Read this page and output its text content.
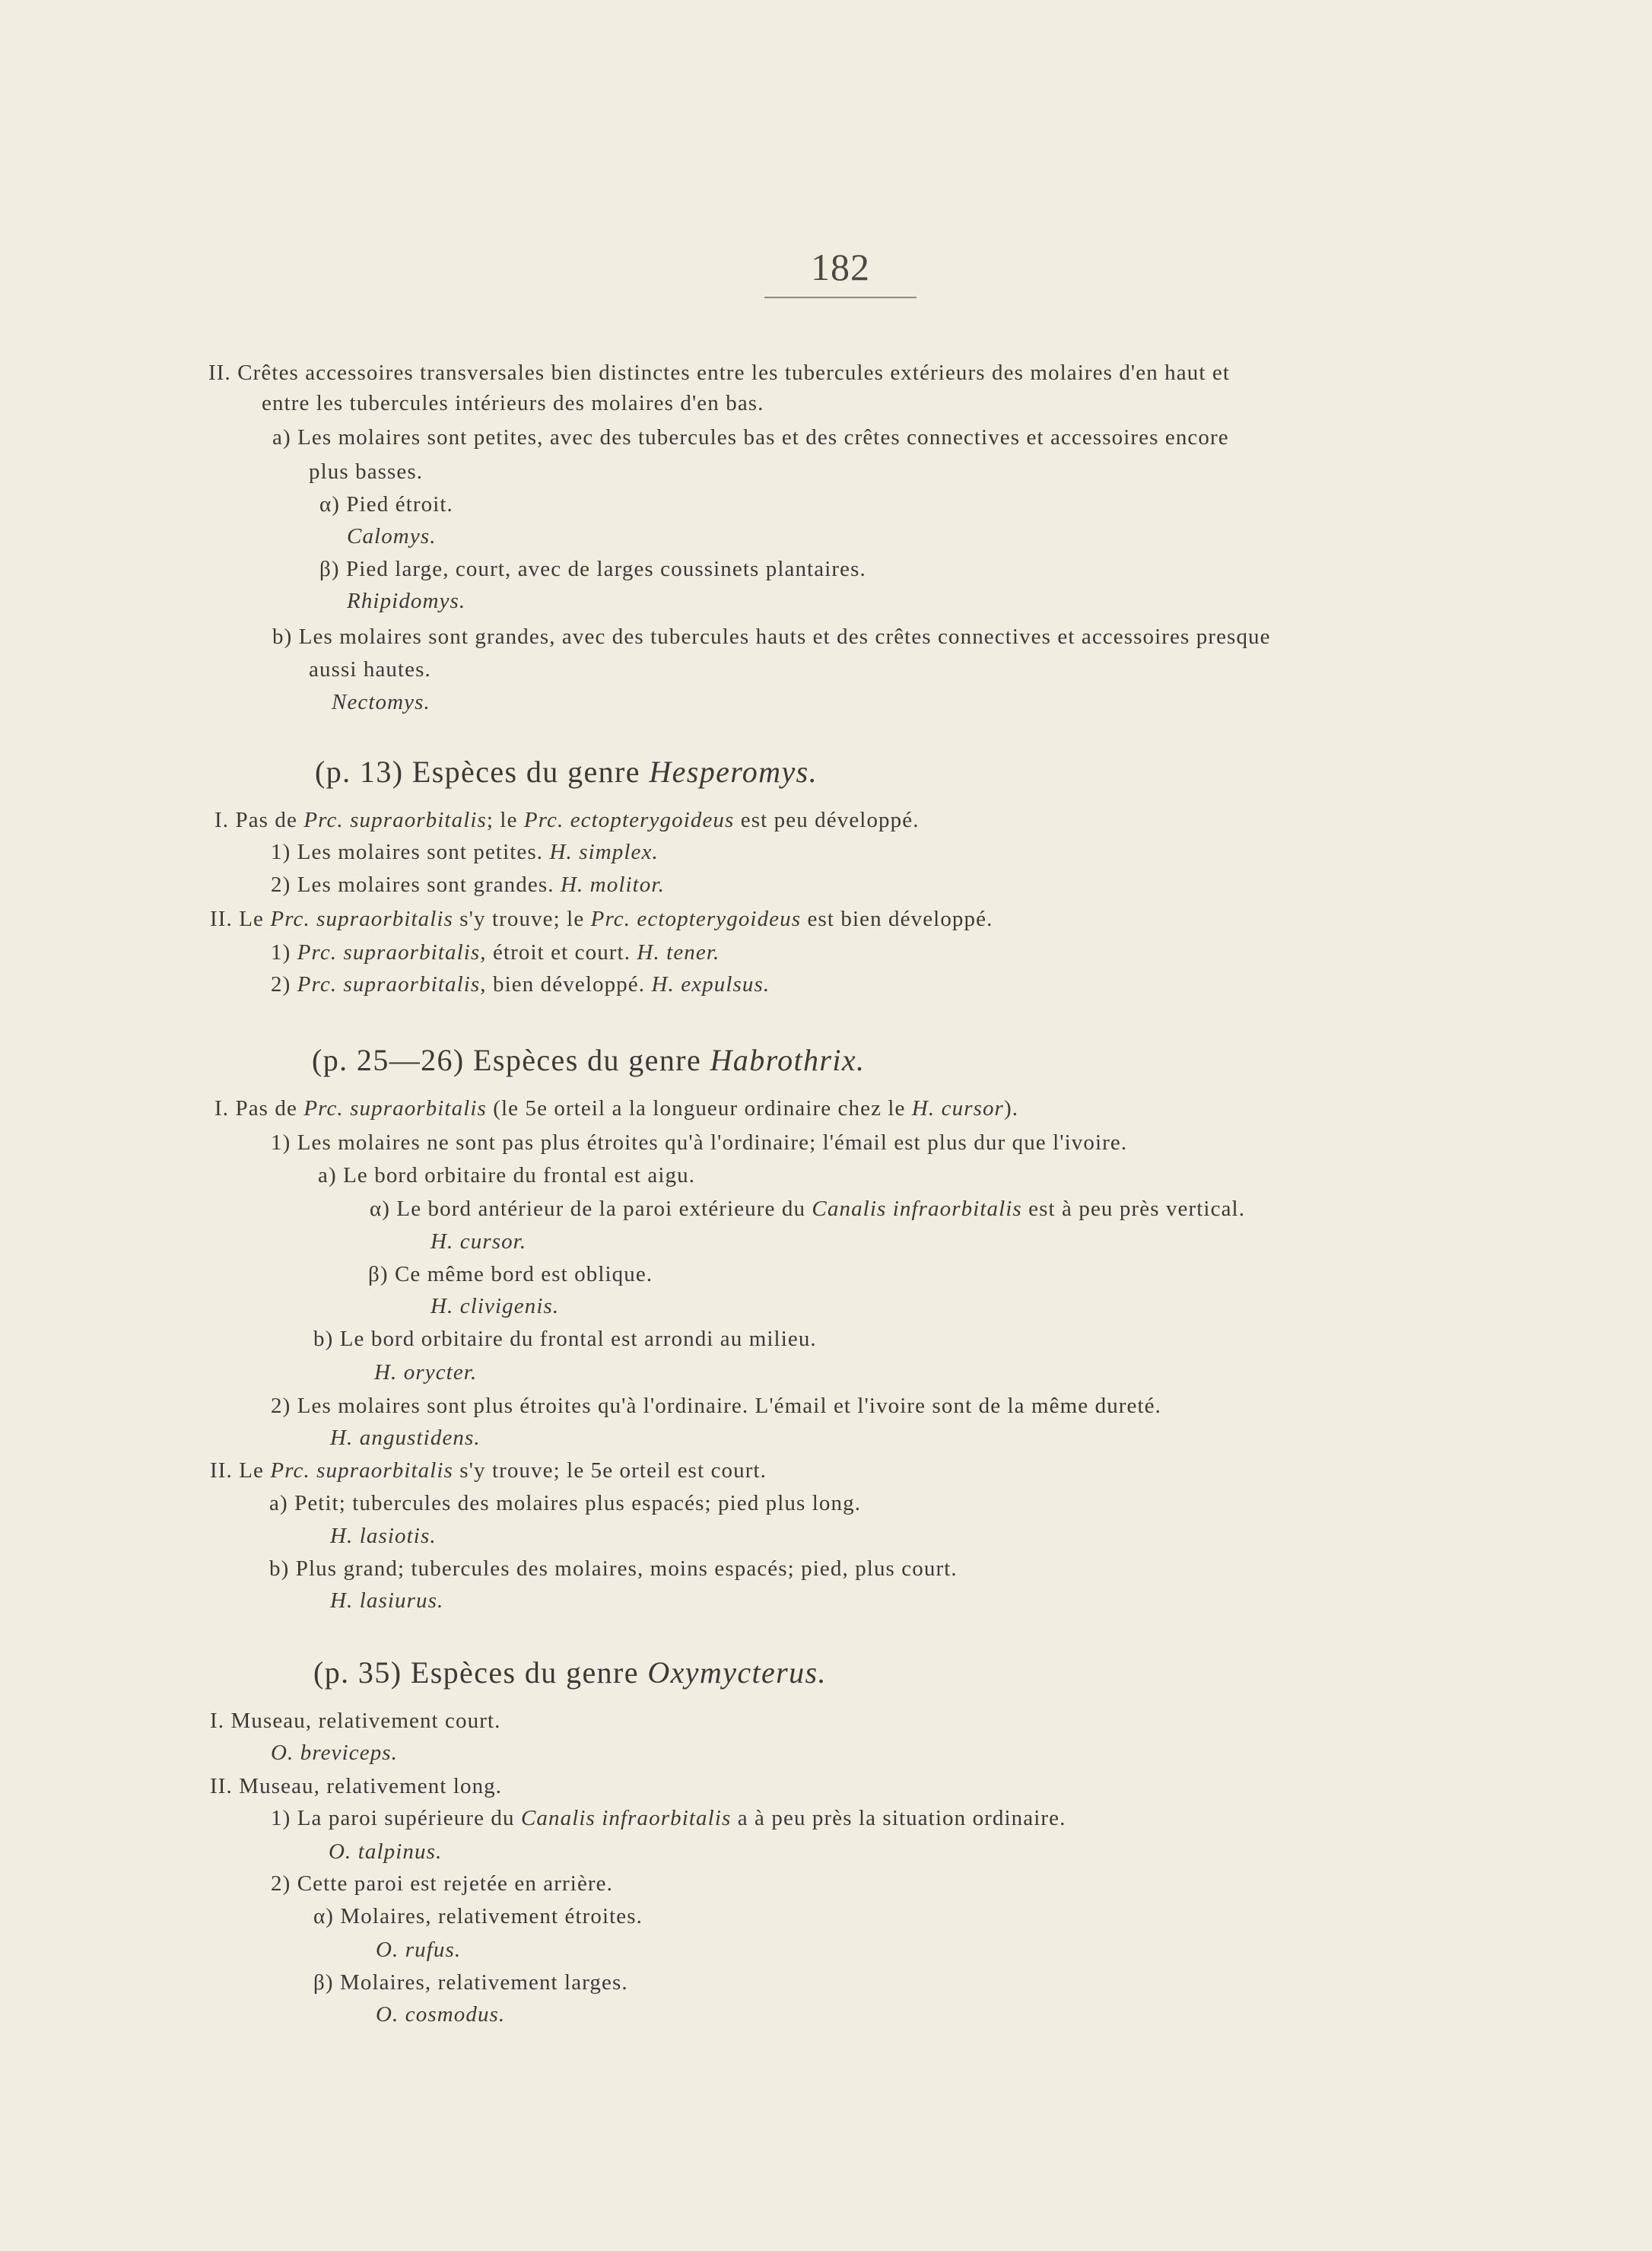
182
II. Crêtes accessoires transversales bien distinctes entre les tubercules extérieurs des molaires d'en haut et
entre les tubercules intérieurs des molaires d'en bas.
a) Les molaires sont petites, avec des tubercules bas et des crêtes connectives et accessoires encore
plus basses.
α) Pied étroit.
Calomys.
β) Pied large, court, avec de larges coussinets plantaires.
Rhipidomys.
b) Les molaires sont grandes, avec des tubercules hauts et des crêtes connectives et accessoires presque
aussi hautes.
Nectomys.
(p. 13) Espèces du genre Hesperomys.
I. Pas de Prc. supraorbitalis; le Prc. ectopterygoideus est peu développé.
1) Les molaires sont petites. H. simplex.
2) Les molaires sont grandes. H. molitor.
II. Le Prc. supraorbitalis s'y trouve; le Prc. ectopterygoideus est bien développé.
1) Prc. supraorbitalis, étroit et court. H. tener.
2) Prc. supraorbitalis, bien développé. H. expulsus.
(p. 25—26) Espèces du genre Habrothrix.
I. Pas de Prc. supraorbitalis (le 5e orteil a la longueur ordinaire chez le H. cursor).
1) Les molaires ne sont pas plus étroites qu'à l'ordinaire; l'émail est plus dur que l'ivoire.
a) Le bord orbitaire du frontal est aigu.
α) Le bord antérieur de la paroi extérieure du Canalis infraorbitalis est à peu près vertical.
H. cursor.
β) Ce même bord est oblique.
H. clivigenis.
b) Le bord orbitaire du frontal est arrondi au milieu.
H. orycter.
2) Les molaires sont plus étroites qu'à l'ordinaire. L'émail et l'ivoire sont de la même dureté.
H. angustidens.
II. Le Prc. supraorbitalis s'y trouve; le 5e orteil est court.
a) Petit; tubercules des molaires plus espacés; pied plus long.
H. lasiotis.
b) Plus grand; tubercules des molaires, moins espacés; pied, plus court.
H. lasiurus.
(p. 35) Espèces du genre Oxymycterus.
I. Museau, relativement court.
O. breviceps.
II. Museau, relativement long.
1) La paroi supérieure du Canalis infraorbitalis a à peu près la situation ordinaire.
O. talpinus.
2) Cette paroi est rejetée en arrière.
α) Molaires, relativement étroites.
O. rufus.
β) Molaires, relativement larges.
O. cosmodus.
